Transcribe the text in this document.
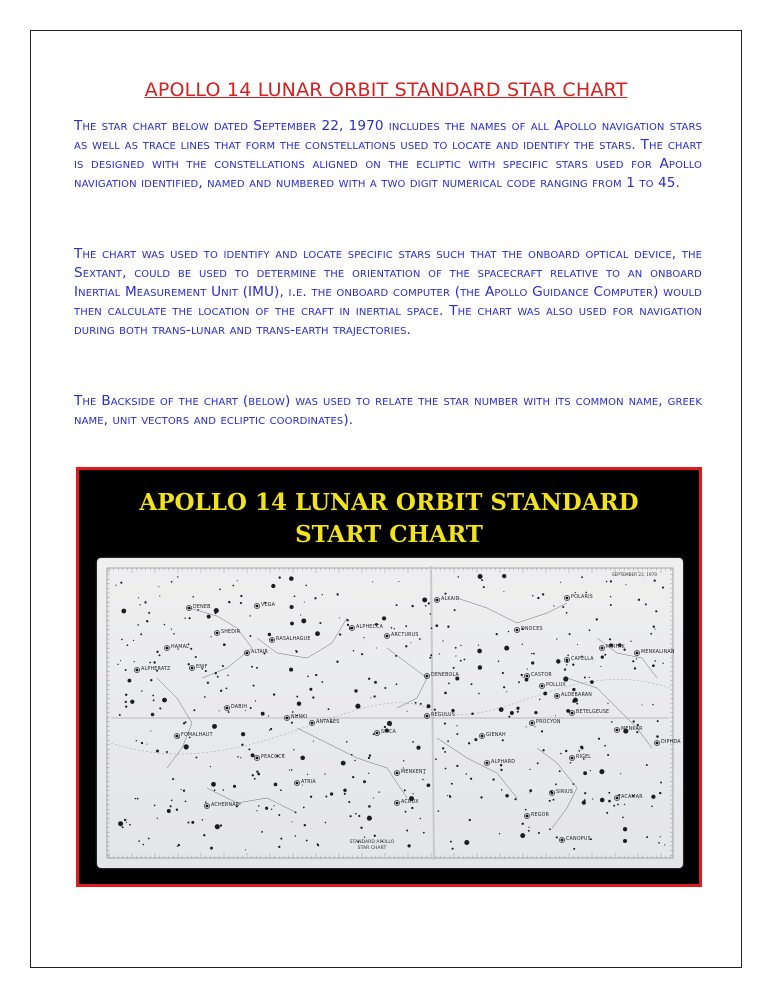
APOLLO 14 LUNAR ORBIT STANDARD STAR CHART

The star chart below dated September 22, 1970 includes the names of all Apollo navigation stars as well as trace lines that form the constellations used to locate and identify the stars. The chart is designed with the constellations aligned on the ecliptic with specific stars used for Apollo navigation identified, named and numbered with a two digit numerical code ranging from 1 to 45.

The chart was used to identify and locate specific stars such that the onboard optical device, the Sextant, could be used to determine the orientation of the spacecraft relative to an onboard Inertial Measurement Unit (IMU), i.e. the onboard computer (the Apollo Guidance Computer) would then calculate the location of the craft in inertial space. The chart was also used for navigation during both trans-lunar and trans-earth trajectories.

The Backside of the chart (below) was used to relate the star number with its common name, greek name, unit vectors and ecliptic coordinates).

APOLLO 14 LUNAR ORBIT STANDARD
START CHART
SEPTEMBER 22, 1970
STANDARD APOLLO
STAR CHART
DENEB	VEGA
ALKAID	POLARIS
RASALHAGUE
ALPHECCA
ARCTURUS
DNOCES
ALTAIR
ALPHERATZ	ENIF
CAPELLA
MIRFAK
MENKALINAN
DENEBOLA	CASTOR
POLLUX
ALDEBARAN
DABIH
NUNKI
ANTARES
SPICA
REGULUS
GIENAH
PROCYON
BETELGEUSE
DIPHDA
MENKAR
FOMALHAUT
ALPHARD
RIGEL
PEACOCK
MENKENT
SIRIUS
ATRIA
ACRUX
ACHERNAR
ACAMAR
REGOR
CANOPUS
SHEDIR
HAMAL
